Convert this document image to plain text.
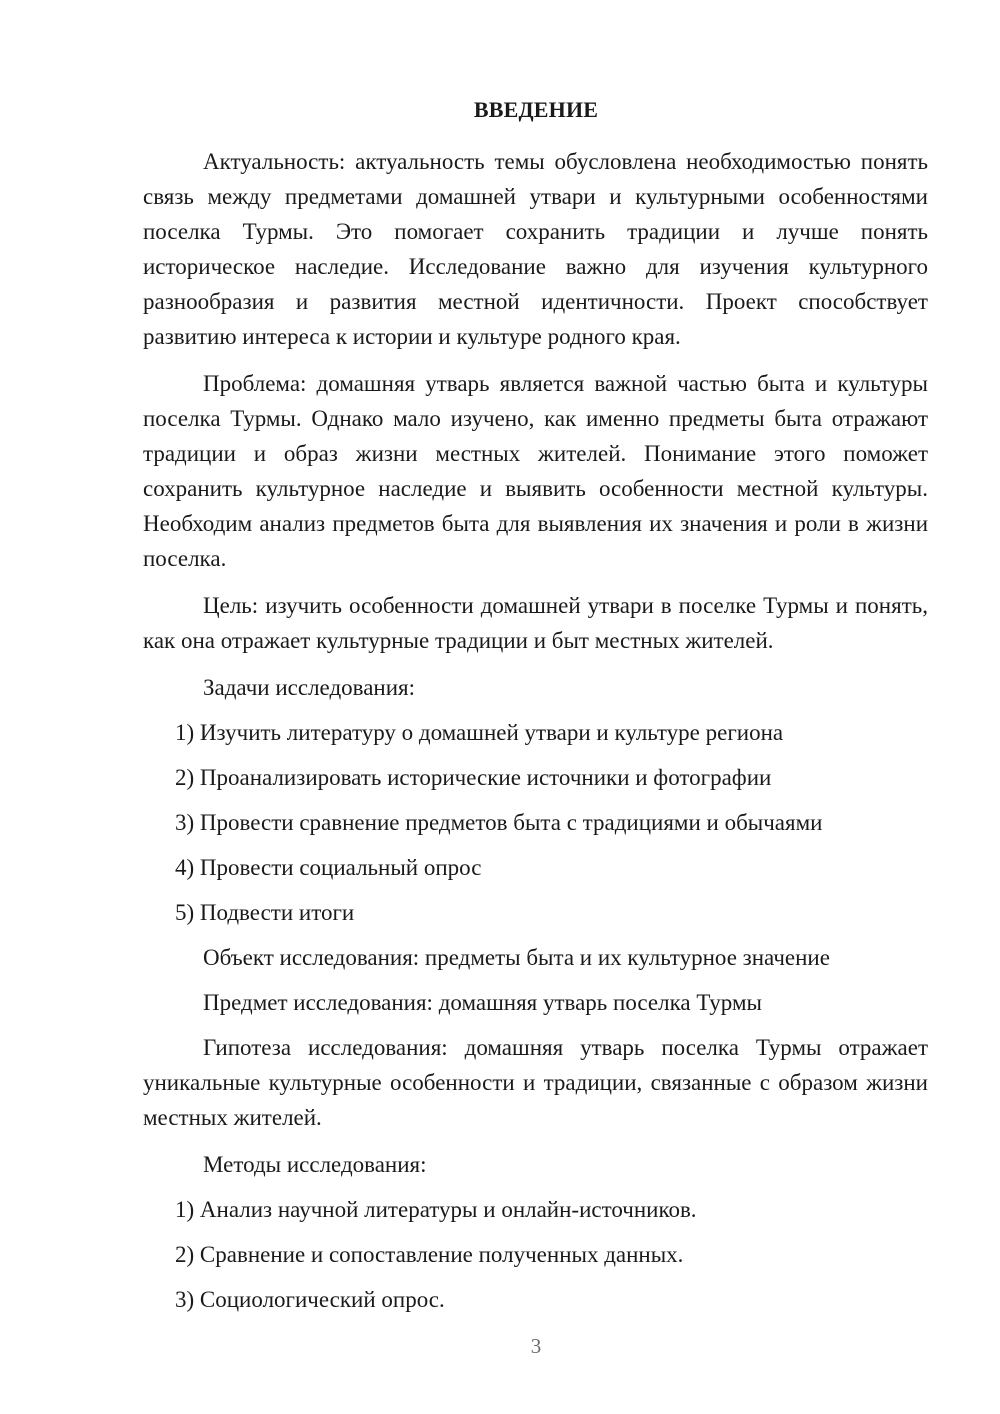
ВВЕДЕНИЕ

Актуальность: актуальность темы обусловлена необходимостью понять связь между предметами домашней утвари и культурными особенностями поселка Турмы. Это помогает сохранить традиции и лучше понять историческое наследие. Исследование важно для изучения культурного разнообразия и развития местной идентичности. Проект способствует развитию интереса к истории и культуре родного края.

Проблема: домашняя утварь является важной частью быта и культуры поселка Турмы. Однако мало изучено, как именно предметы быта отражают традиции и образ жизни местных жителей. Понимание этого поможет сохранить культурное наследие и выявить особенности местной культуры. Необходим анализ предметов быта для выявления их значения и роли в жизни поселка.

Цель: изучить особенности домашней утвари в поселке Турмы и понять, как она отражает культурные традиции и быт местных жителей.

Задачи исследования:
1) Изучить литературу о домашней утвари и культуре региона
2) Проанализировать исторические источники и фотографии
3) Провести сравнение предметов быта с традициями и обычаями
4) Провести социальный опрос
5) Подвести итоги
Объект исследования: предметы быта и их культурное значение
Предмет исследования: домашняя утварь поселка Турмы

Гипотеза исследования: домашняя утварь поселка Турмы отражает уникальные культурные особенности и традиции, связанные с образом жизни местных жителей.

Методы исследования:
1) Анализ научной литературы и онлайн-источников.
2) Сравнение и сопоставление полученных данных.
3) Социологический опрос.
3
